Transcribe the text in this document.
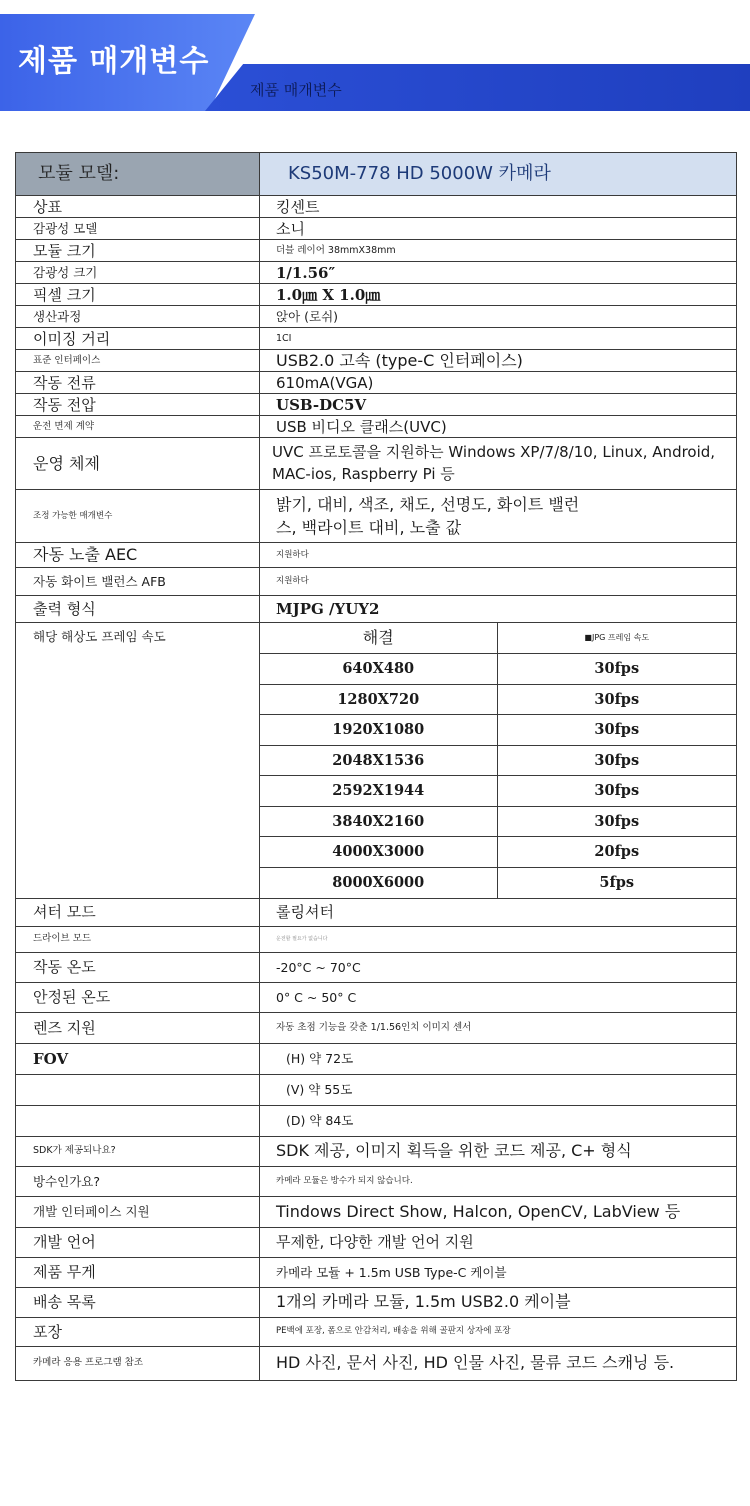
제품 매개변수
제품 매개변수
모듈 모델:	KS50M-778 HD 5000W 카메라
상표	킹센트
감광성 모델	소니
모듈 크기	더블 레이어 38mmX38mm
감광성 크기	1/1.56″
픽셀 크기	1.0㎛ X 1.0㎛
생산과정	앉아 (로쉬)
이미징 거리	1CI
표준 인터페이스	USB2.0 고속 (type-C 인터페이스)
작동 전류	610mA(VGA)
작동 전압	USB-DC5V
운전 면제 계약	USB 비디오 클래스(UVC)
운영 체제	UVC 프로토콜을 지원하는 Windows XP/7/8/10, Linux, Android, MAC-ios, Raspberry Pi 등
조정 가능한 매개변수	밝기, 대비, 색조, 채도, 선명도, 화이트 밸런스, 백라이트 대비, 노출 값
자동 노출 AEC	지원하다
자동 화이트 밸런스 AFB	지원하다
출력 형식	MJPG /YUY2
해당 해상도 프레임 속도		해결	■JPG 프레임 속도
640X480	30fps
1280X720	30fps
1920X1080	30fps
2048X1536	30fps
2592X1944	30fps
3840X2160	30fps
4000X3000	20fps
8000X6000	5fps

셔터 모드	롤링셔터
드라이브 모드	운전할 필요가 없습니다
작동 온도	-20°C ~ 70°C
안정된 온도	0° C ~ 50° C
렌즈 지원	자동 초점 기능을 갖춘 1/1.56인치 이미지 센서
FOV	(H) 약 72도
	(V) 약 55도
	(D) 약 84도
SDK가 제공되나요?	SDK 제공, 이미지 획득을 위한 코드 제공, C+ 형식
방수인가요?	카메라 모듈은 방수가 되지 않습니다.
개발 인터페이스 지원	Tindows Direct Show, Halcon, OpenCV, LabView 등
개발 언어	무제한, 다양한 개발 언어 지원
제품 무게	카메라 모듈 + 1.5m USB Type-C 케이블
배송 목록	1개의 카메라 모듈, 1.5m USB2.0 케이블
포장	PE백에 포장, 폼으로 안감처리, 배송을 위해 골판지 상자에 포장
카메라 응용 프로그램 참조	HD 사진, 문서 사진, HD 인물 사진, 물류 코드 스캐닝 등.
